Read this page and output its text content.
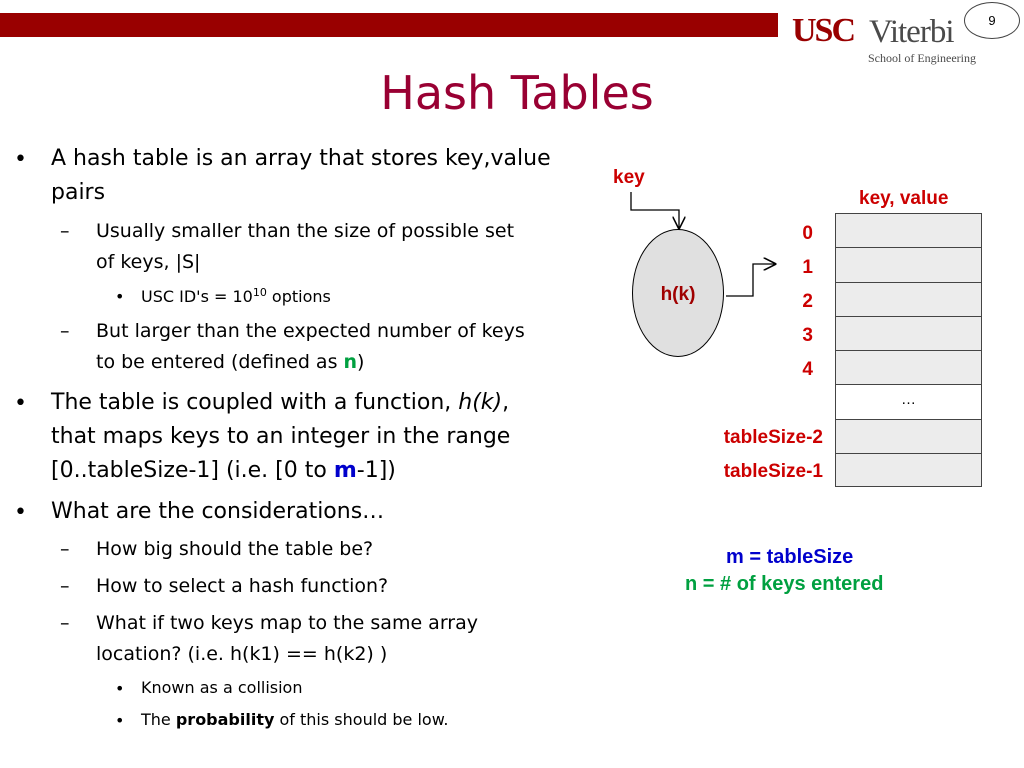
USC Viterbi
School of Engineering
9
Hash Tables
• A hash table is an array that stores key,value
pairs
– Usually smaller than the size of possible set
of keys, |S|
• USC $ID's = 10^{10}$ options
– But larger than the expected number of keys
to be entered (defined as n)
• The table is coupled with a function, h(k),
that maps keys to an integer in the range
[0..tableSize-1] (i.e. [0 to m-1])
• What are the considerations…
– How big should the table be?
– How to select a hash function?
– What if two keys map to the same array
location? (i.e. h(k1) == h(k2) )
• Known as a collision
• The probability of this should be low.
key
h(k)
key, value
0
1
2
3
4
tableSize-2
tableSize-1
…
m = tableSize
n = # of keys entered
